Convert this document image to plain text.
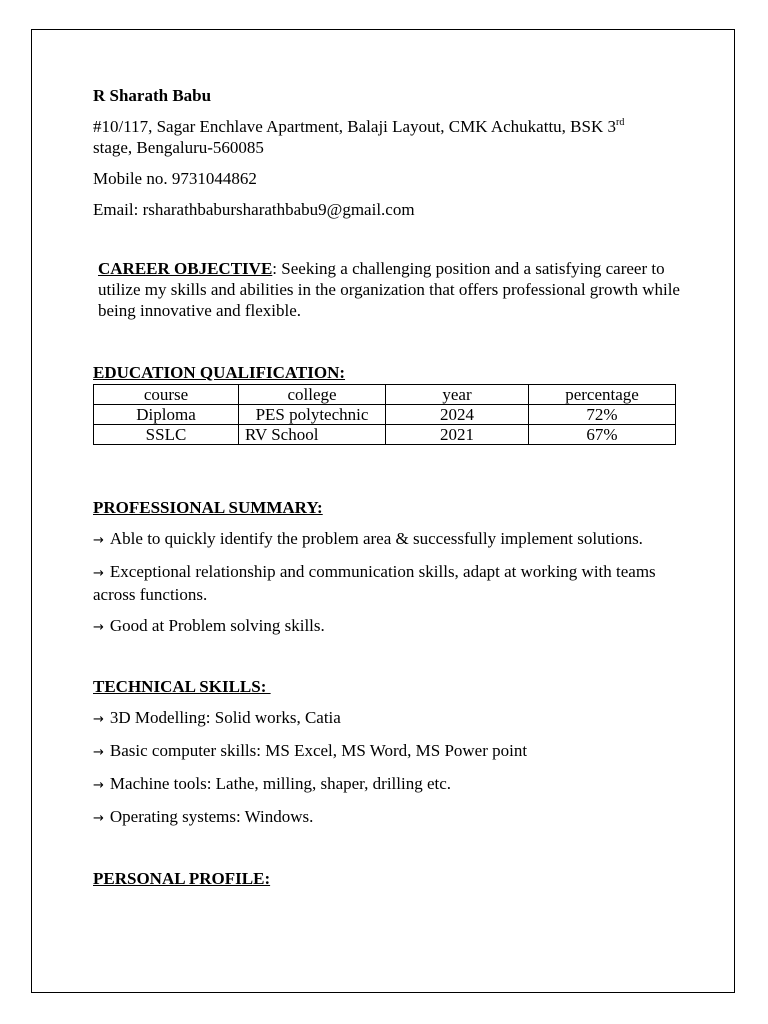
R Sharath Babu

#10/117, Sagar Enchlave Apartment, Balaji Layout, CMK Achukattu, BSK 3rd
stage, Bengaluru-560085

Mobile no. 9731044862

Email: rsharathbabursharathbabu9@gmail.com

CAREER OBJECTIVE: Seeking a challenging position and a satisfying career to utilize my skills and abilities in the organization that offers professional growth while being innovative and flexible.

EDUCATION QUALIFICATION:

course	college	year	percentage
Diploma	PES polytechnic	2024	72%
SSLC	RV School	2021	67%

PROFESSIONAL SUMMARY:

→ Able to quickly identify the problem area & successfully implement solutions.

→ Exceptional relationship and communication skills, adapt at working with teams across functions.

→ Good at Problem solving skills.

TECHNICAL SKILLS:

→ 3D Modelling: Solid works, Catia

→ Basic computer skills: MS Excel, MS Word, MS Power point

→ Machine tools: Lathe, milling, shaper, drilling etc.

→ Operating systems: Windows.

PERSONAL PROFILE:
